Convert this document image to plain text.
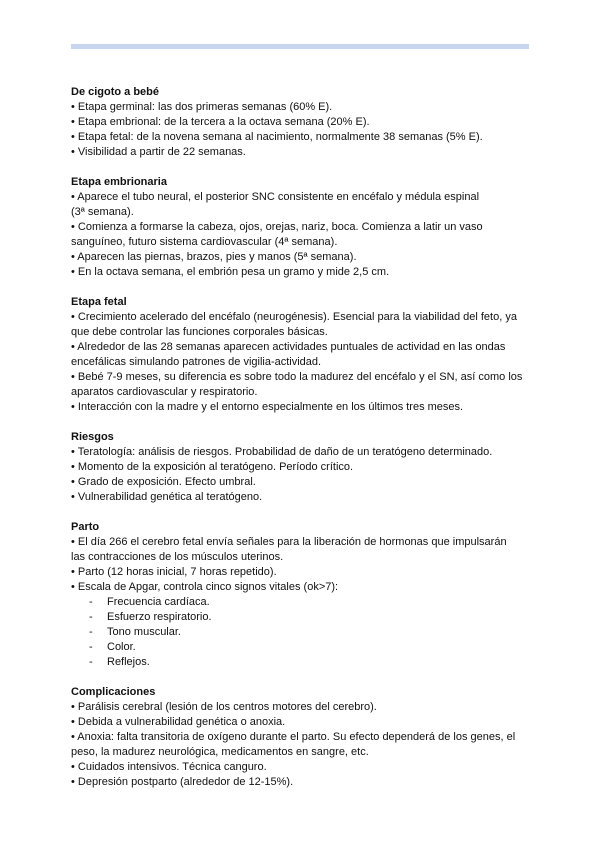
De cigoto a bebé

• Etapa germinal: las dos primeras semanas (60% E).

• Etapa embrional: de la tercera a la octava semana (20% E).

• Etapa fetal: de la novena semana al nacimiento, normalmente 38 semanas (5% E).

• Visibilidad a partir de 22 semanas.

Etapa embrionaria

• Aparece el tubo neural, el posterior SNC consistente en encéfalo y médula espinal

(3ª semana).

• Comienza a formarse la cabeza, ojos, orejas, nariz, boca. Comienza a latir un vaso

sanguíneo, futuro sistema cardiovascular (4ª semana).

• Aparecen las piernas, brazos, pies y manos (5ª semana).

• En la octava semana, el embrión pesa un gramo y mide 2,5 cm.

Etapa fetal

• Crecimiento acelerado del encéfalo (neurogénesis). Esencial para la viabilidad del feto, ya

que debe controlar las funciones corporales básicas.

• Alrededor de las 28 semanas aparecen actividades puntuales de actividad en las ondas

encefálicas simulando patrones de vigilia-actividad.

• Bebé 7-9 meses, su diferencia es sobre todo la madurez del encéfalo y el SN, así como los

aparatos cardiovascular y respiratorio.

• Interacción con la madre y el entorno especialmente en los últimos tres meses.

Riesgos

• Teratología: análisis de riesgos. Probabilidad de daño de un teratógeno determinado.

• Momento de la exposición al teratógeno. Período crítico.

• Grado de exposición. Efecto umbral.

• Vulnerabilidad genética al teratógeno.

Parto

• El día 266 el cerebro fetal envía señales para la liberación de hormonas que impulsarán

las contracciones de los músculos uterinos.

• Parto (12 horas inicial, 7 horas repetido).

• Escala de Apgar, controla cinco signos vitales (ok>7):

- Frecuencia cardíaca.
- Esfuerzo respiratorio.
- Tono muscular.
- Color.
- Reflejos.

Complicaciones

• Parálisis cerebral (lesión de los centros motores del cerebro).

• Debida a vulnerabilidad genética o anoxia.

• Anoxia: falta transitoria de oxígeno durante el parto. Su efecto dependerá de los genes, el

peso, la madurez neurológica, medicamentos en sangre, etc.

• Cuidados intensivos. Técnica canguro.

• Depresión postparto (alrededor de 12-15%).
